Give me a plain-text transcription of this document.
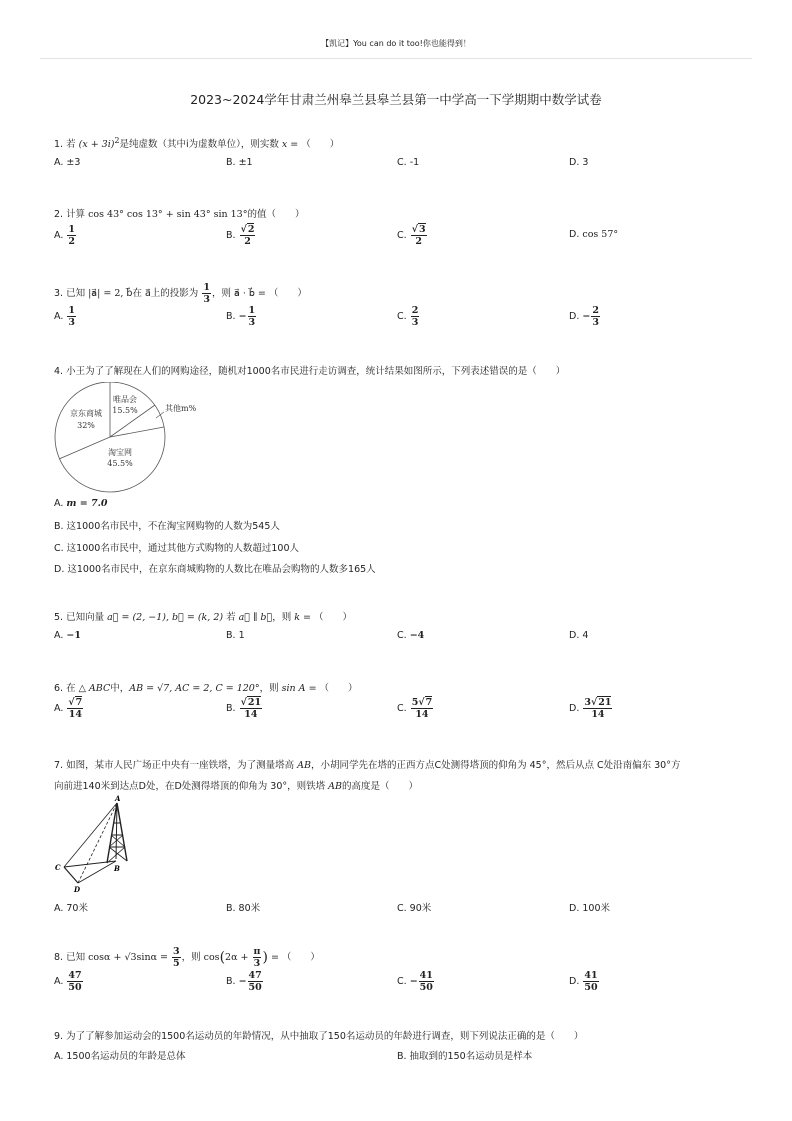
【凯记】You can do it too!你也能得到！
2023~2024学年甘肃兰州皋兰县皋兰县第一中学高一下学期期中数学试卷
1. 若 $(x + 3i)^2$是纯虚数（其中i为虚数单位），则实数 x = （　　）
A. ±3	B. ±1	C. -1	D. 3
2. 计算 cos 43° cos 13° + sin 43° sin 13°的值（　　）
A. $\frac{1}{2}$	B. $\frac{√2}{2}$	C. $\frac{√3}{2}$	D. cos 57°
3. 已知 |a⃗| = 2, b⃗在 a⃗上的投影为 $\frac{1}{3}$ ，则 a⃗ · b⃗ = （　　）
A. $\frac{1}{3}$	B. − $\frac{1}{3}$	C. $\frac{2}{3}$	D. − $\frac{2}{3}$
4. 小王为了了解现在人们的网购途径，随机对1000名市民进行走访调查，统计结果如图所示，下列表述错误的是（　　）
京东商城
32%
唯品会
15.5%	其他m%
淘宝网
45.5%
A. m = 7.0
B. 这1000名市民中，不在淘宝网购物的人数为545人
C. 这1000名市民中，通过其他方式购物的人数超过100人
D. 这1000名市民中，在京东商城购物的人数比在唯品会购物的人数多165人
5. 已知向量 a⃗ = (2, −1), b⃗ = (k, 2) 若 a⃗ ∥ b⃗，则 k = （　　）
A. −1	B. 1	C. −4	D. 4
6. 在 △ ABC中，AB = √7, AC = 2, C = 120°，则 sin A = （　　）
A. $\frac{√7}{14}$	B. $\frac{√21}{14}$	C. $\frac{5√7}{14}$	D. $\frac{3√21}{14}$
7. 如图，某市人民广场正中央有一座铁塔，为了测量塔高 AB，小胡同学先在塔的正西方点C处测得塔顶的仰角为 45°，然后从点 C处沿南偏东 30°方
向前进140米到达点D处，在D处测得塔顶的仰角为 30°，则铁塔 AB的高度是（　　）
A
B
C
D
A. 70米	B. 80米	C. 90米	D. 100米
8. 已知 $\cos\alpha + √3\sin\alpha = \frac{3}{5}$ ，则 $\cos(2\alpha + \frac{\pi}{3}$ ) = （　　）
A. $\frac{47}{50}$	B. − $\frac{47}{50}$	C. − $\frac{41}{50}$	D. $\frac{41}{50}$
9. 为了了解参加运动会的1500名运动员的年龄情况，从中抽取了150名运动员的年龄进行调查，则下列说法正确的是（　　）
A. 1500名运动员的年龄是总体	B. 抽取到的150名运动员是样本
